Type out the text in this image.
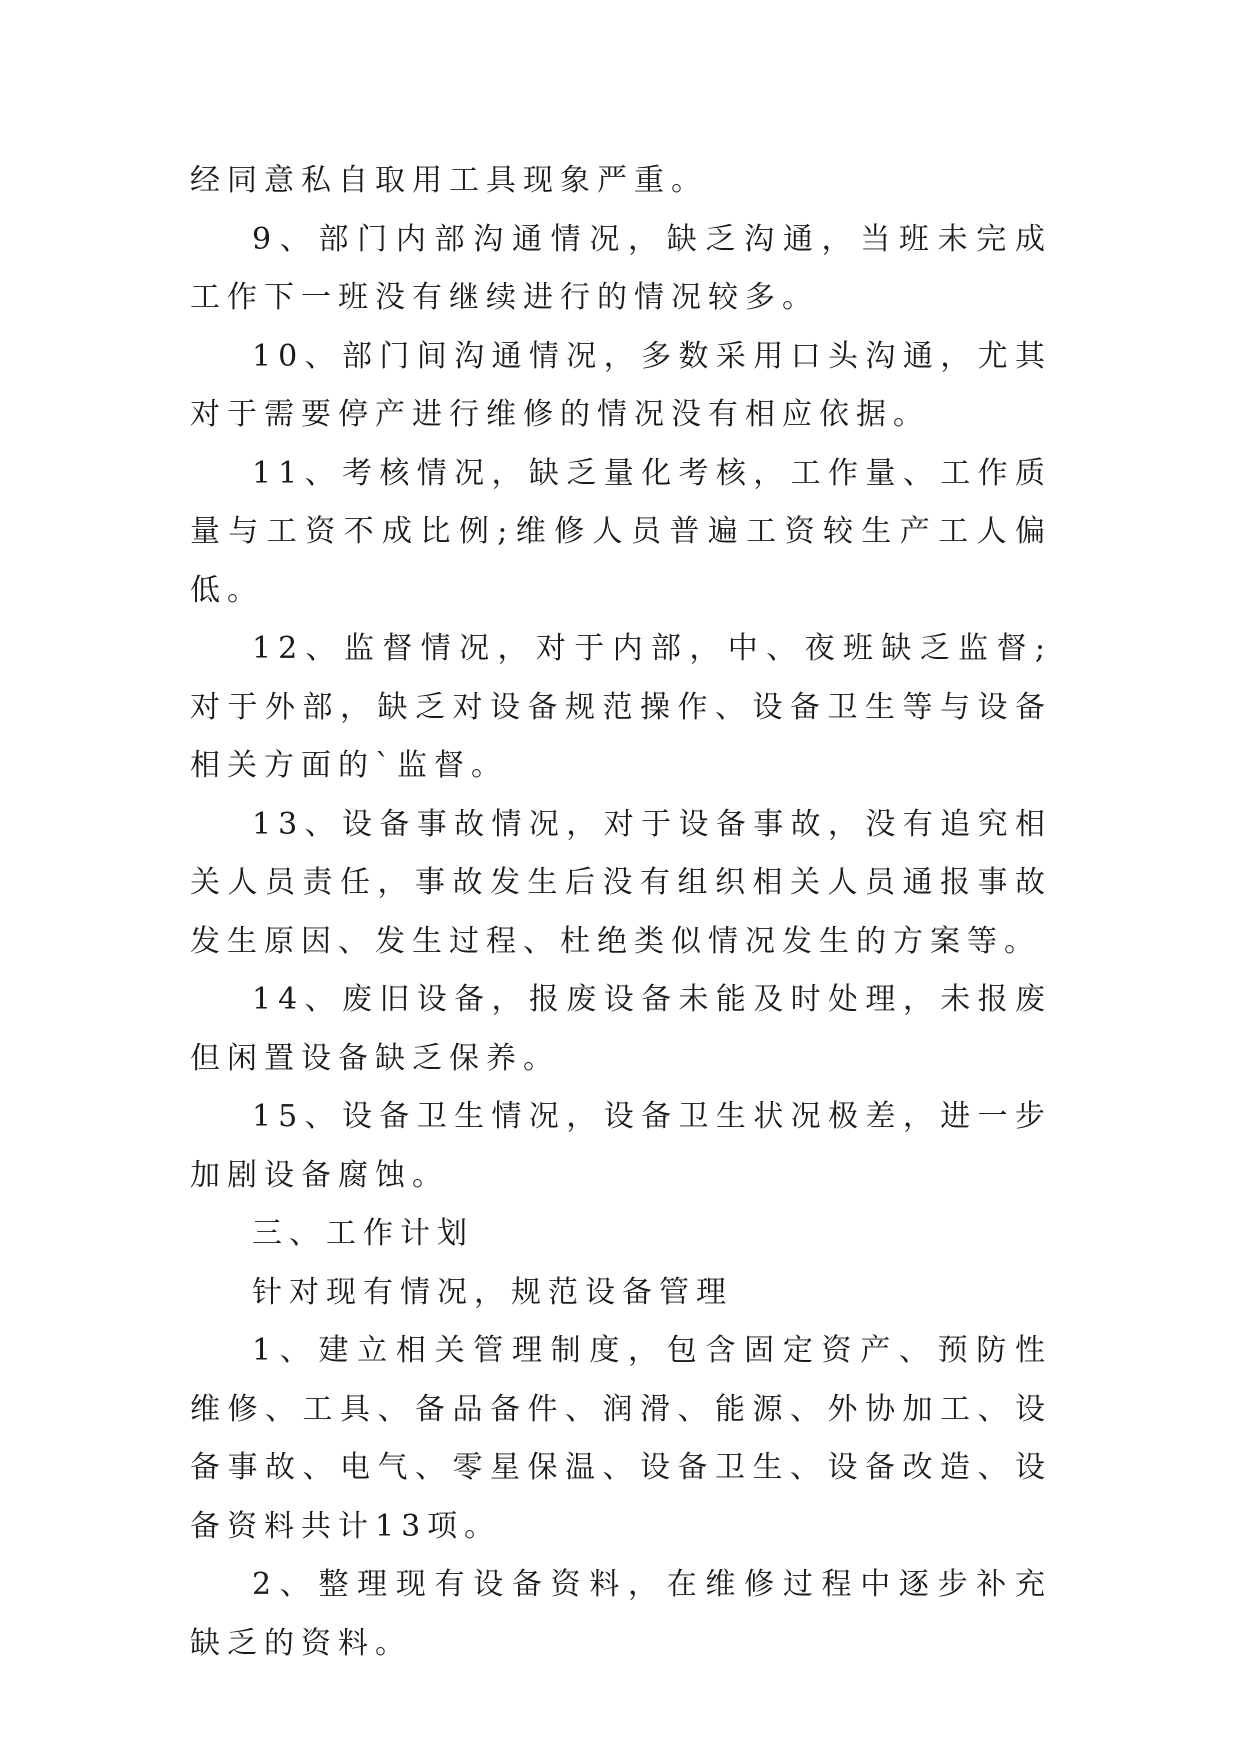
经同意私自取用工具现象严重。

9、部门内部沟通情况，缺乏沟通，当班未完成工作下一班没有继续进行的情况较多。

10、部门间沟通情况，多数采用口头沟通，尤其对于需要停产进行维修的情况没有相应依据。

11、考核情况，缺乏量化考核，工作量、工作质量与工资不成比例;维修人员普遍工资较生产工人偏低。

12、监督情况，对于内部，中、夜班缺乏监督;对于外部，缺乏对设备规范操作、设备卫生等与设备相关方面的`监督。

13、设备事故情况，对于设备事故，没有追究相关人员责任，事故发生后没有组织相关人员通报事故发生原因、发生过程、杜绝类似情况发生的方案等。

14、废旧设备，报废设备未能及时处理，未报废但闲置设备缺乏保养。

15、设备卫生情况，设备卫生状况极差，进一步加剧设备腐蚀。

三、工作计划

针对现有情况，规范设备管理

1、建立相关管理制度，包含固定资产、预防性维修、工具、备品备件、润滑、能源、外协加工、设备事故、电气、零星保温、设备卫生、设备改造、设备资料共计13项。

2、整理现有设备资料，在维修过程中逐步补充缺乏的资料。
